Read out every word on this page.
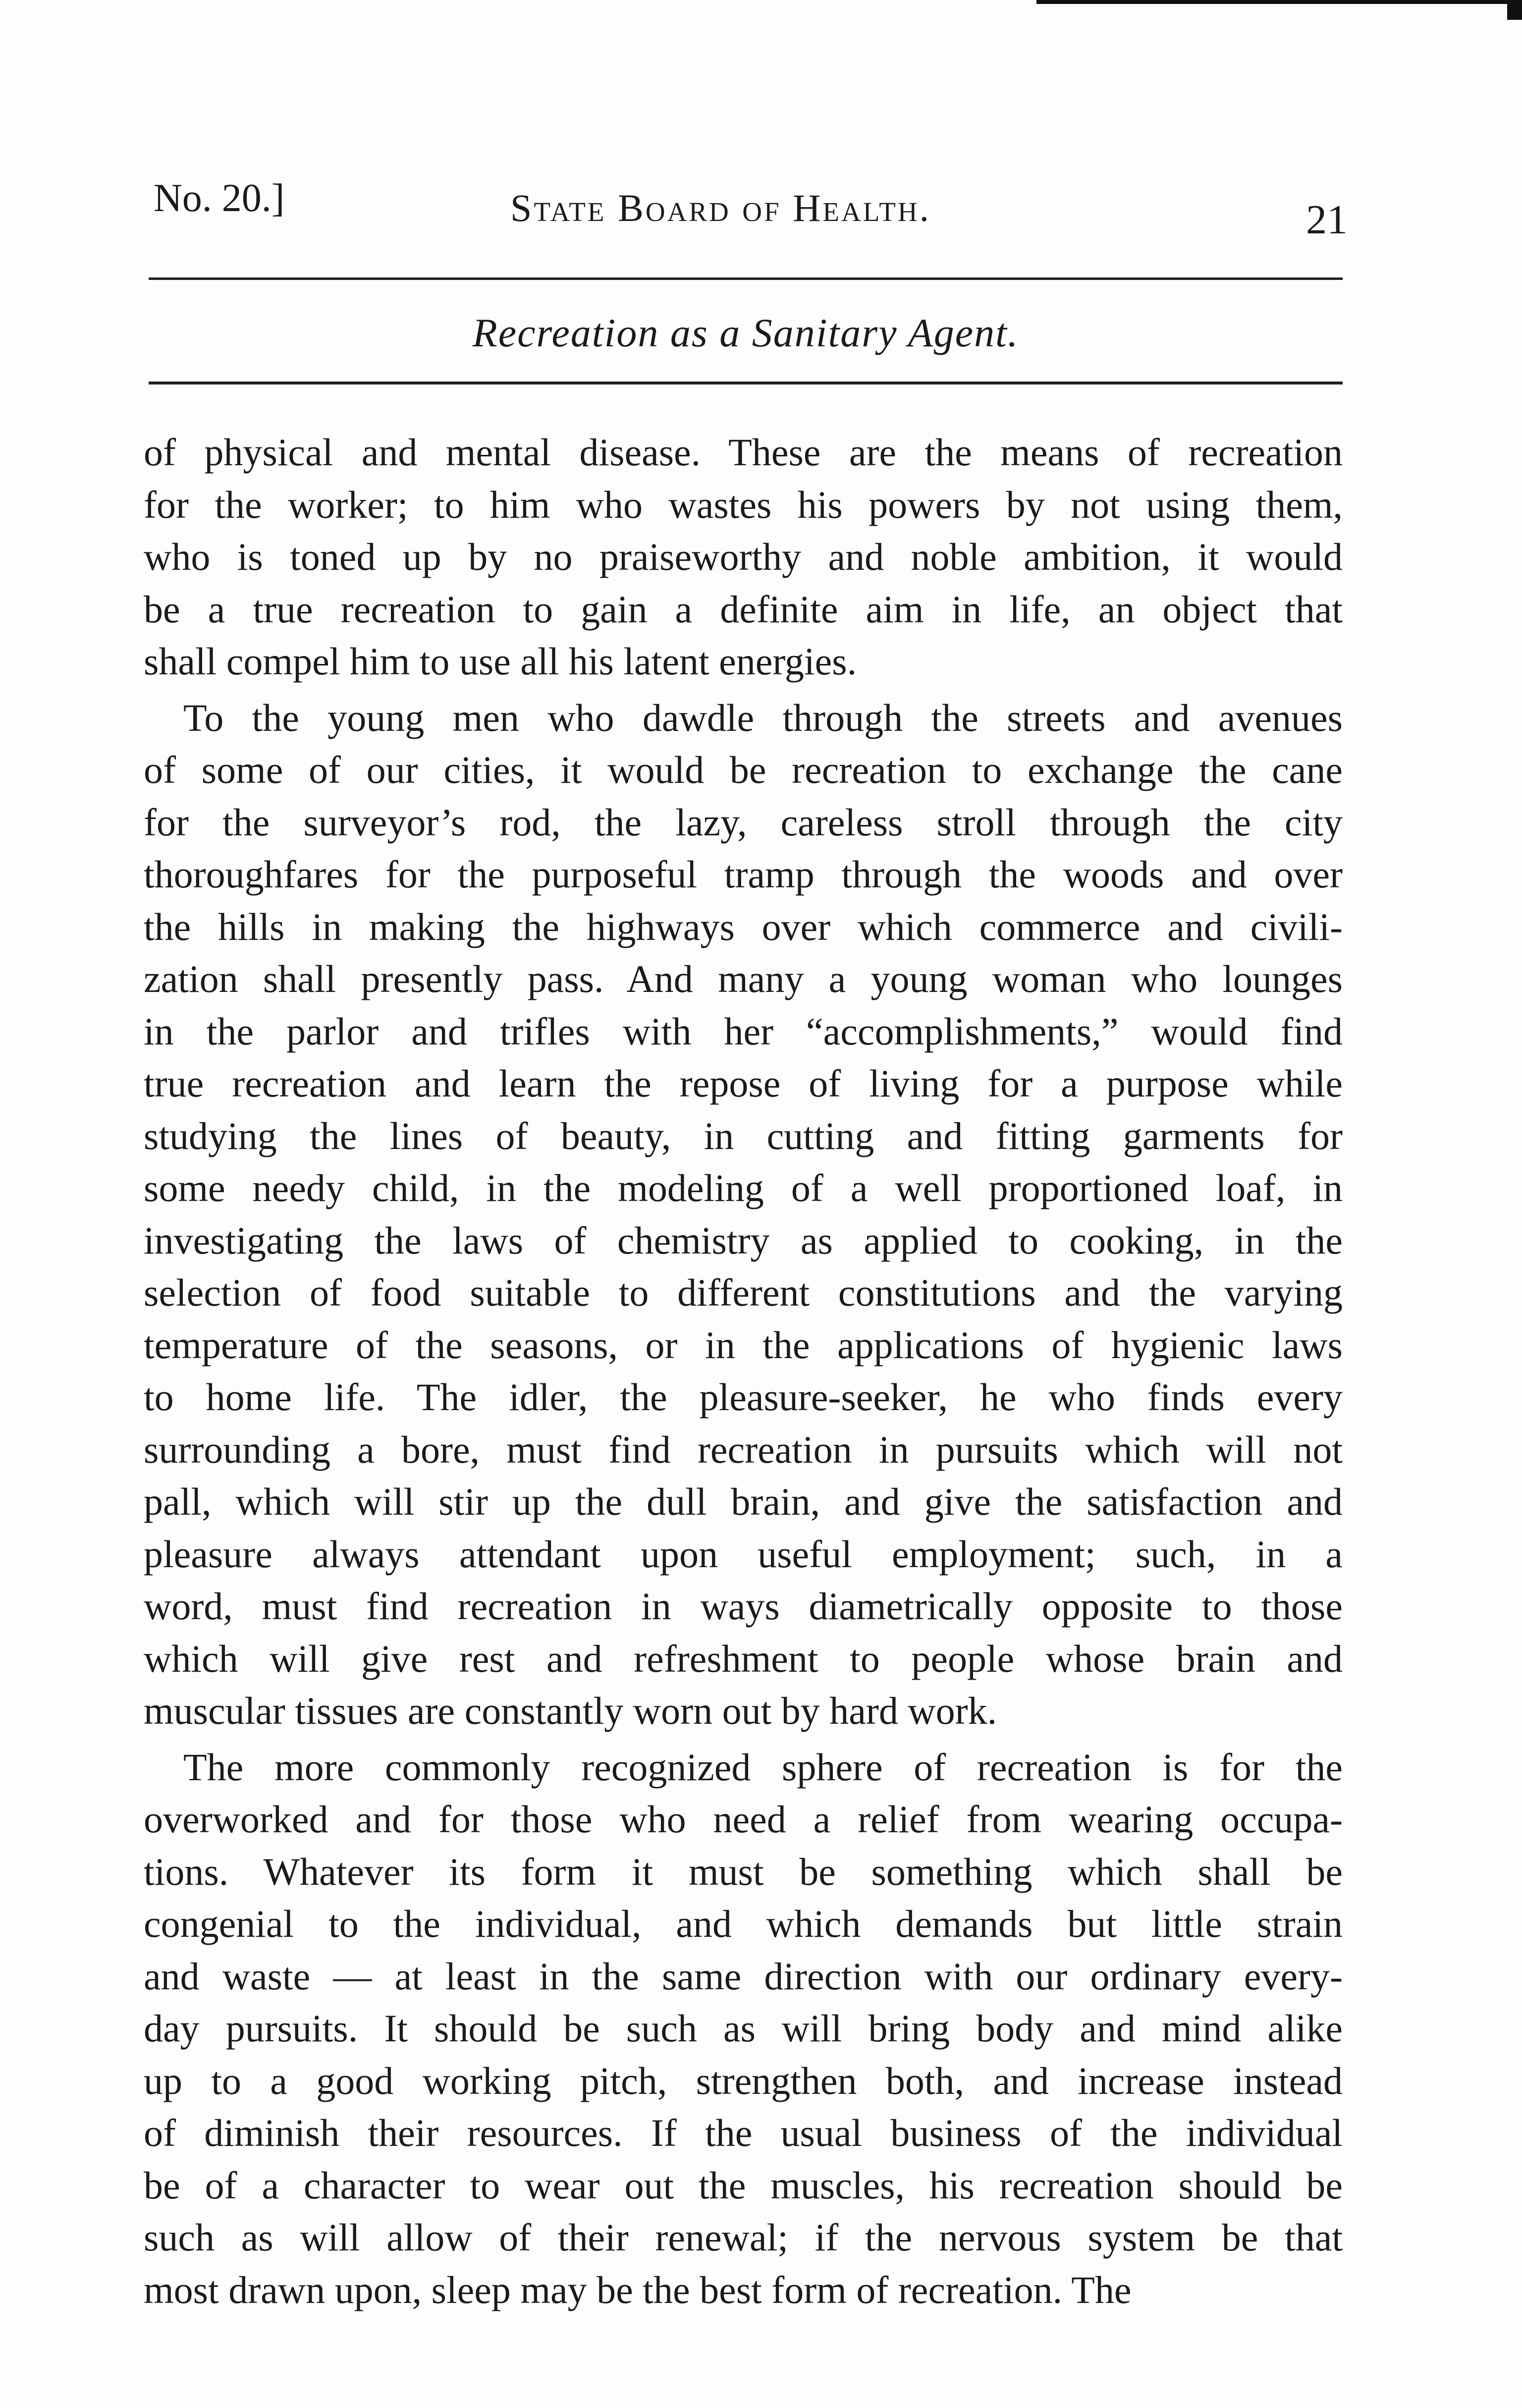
No. 20.]	State Board of Health.	21
Recreation as a Sanitary Agent.

of physical and mental disease. These are the means of recreation
for the worker; to him who wastes his powers by not using them,
who is toned up by no praiseworthy and noble ambition, it would
be a true recreation to gain a definite aim in life, an object that
shall compel him to use all his latent energies.

To the young men who dawdle through the streets and avenues
of some of our cities, it would be recreation to exchange the cane
for the surveyor’s rod, the lazy, careless stroll through the city
thoroughfares for the purposeful tramp through the woods and over
the hills in making the highways over which commerce and civili-
zation shall presently pass. And many a young woman who lounges
in the parlor and trifles with her “accomplishments,” would find
true recreation and learn the repose of living for a purpose while
studying the lines of beauty, in cutting and fitting garments for
some needy child, in the modeling of a well proportioned loaf, in
investigating the laws of chemistry as applied to cooking, in the
selection of food suitable to different constitutions and the varying
temperature of the seasons, or in the applications of hygienic laws
to home life. The idler, the pleasure-seeker, he who finds every
surrounding a bore, must find recreation in pursuits which will not
pall, which will stir up the dull brain, and give the satisfaction and
pleasure always attendant upon useful employment; such, in a
word, must find recreation in ways diametrically opposite to those
which will give rest and refreshment to people whose brain and
muscular tissues are constantly worn out by hard work.

The more commonly recognized sphere of recreation is for the
overworked and for those who need a relief from wearing occupa-
tions. Whatever its form it must be something which shall be
congenial to the individual, and which demands but little strain
and waste — at least in the same direction with our ordinary every-
day pursuits. It should be such as will bring body and mind alike
up to a good working pitch, strengthen both, and increase instead
of diminish their resources. If the usual business of the individual
be of a character to wear out the muscles, his recreation should be
such as will allow of their renewal; if the nervous system be that
most drawn upon, sleep may be the best form of recreation. The
